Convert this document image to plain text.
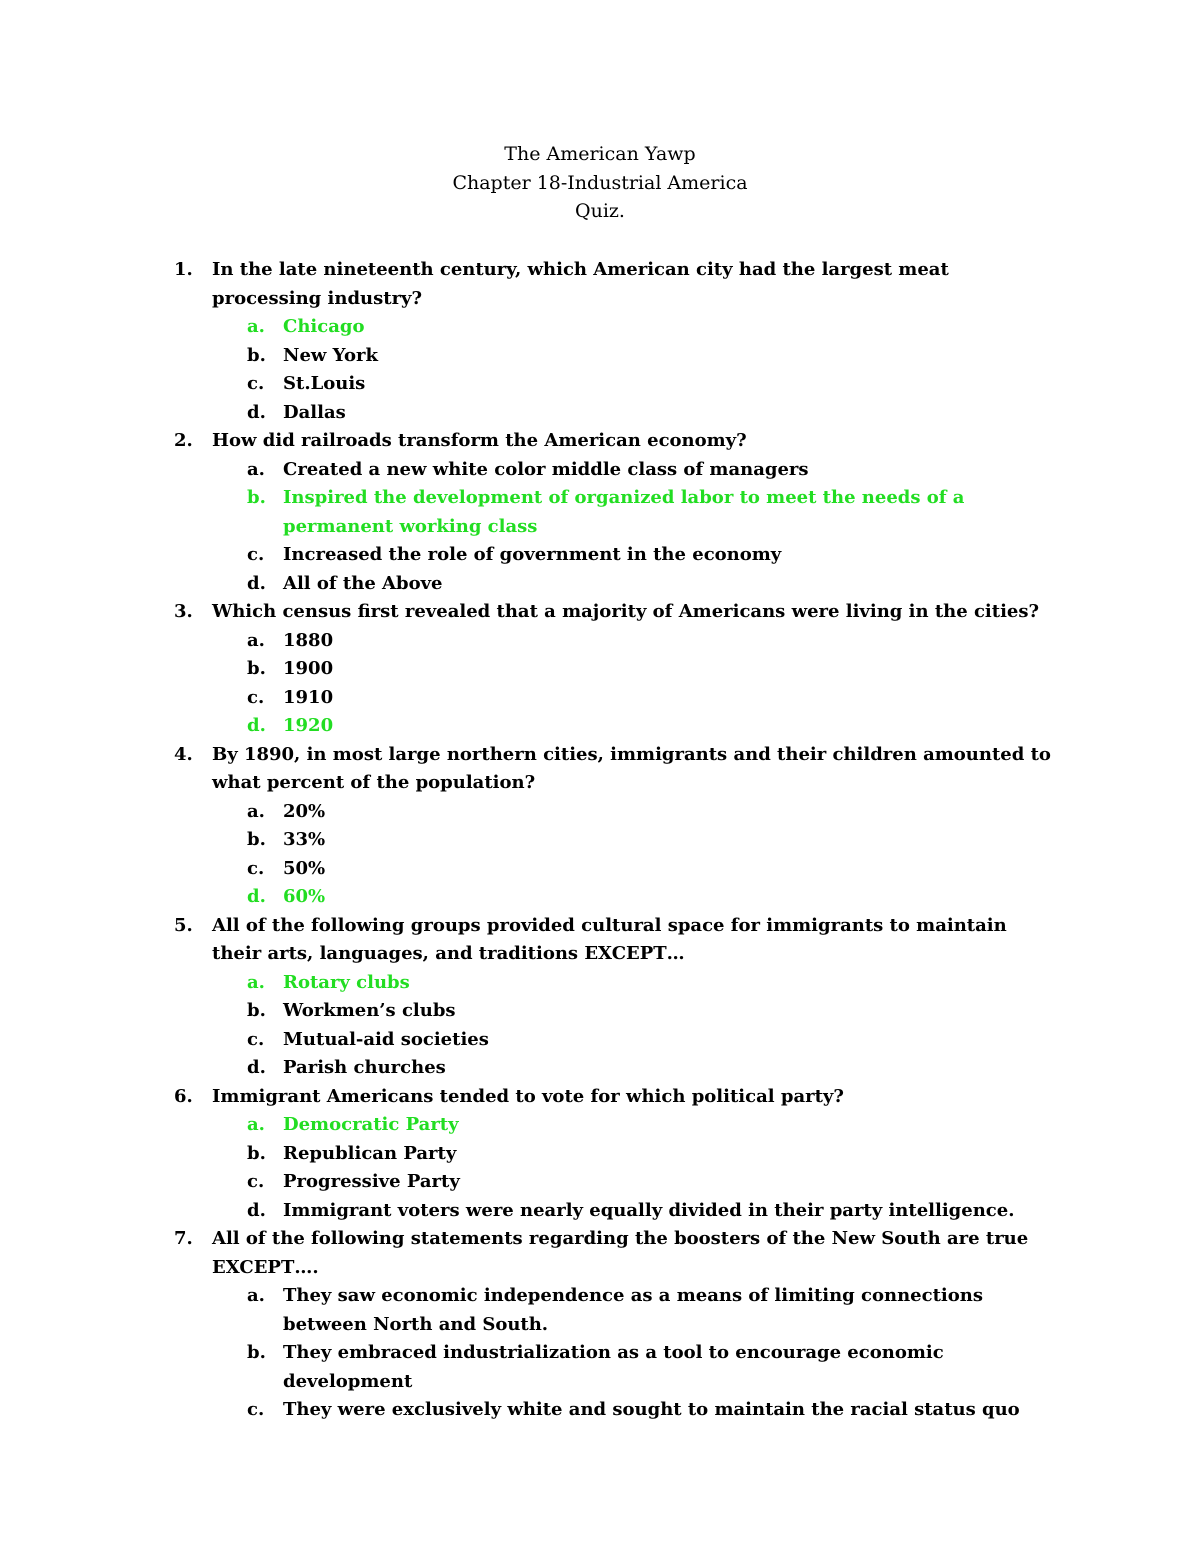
The American Yawp
Chapter 18-Industrial America
Quiz.
1. In the late nineteenth century, which American city had the largest meat processing industry?
a. Chicago
b. New York
c. St.Louis
d. Dallas
2. How did railroads transform the American economy?
a. Created a new white color middle class of managers
b. Inspired the development of organized labor to meet the needs of a permanent working class
c. Increased the role of government in the economy
d. All of the Above
3. Which census first revealed that a majority of Americans were living in the cities?
a. 1880
b. 1900
c. 1910
d. 1920
4. By 1890, in most large northern cities, immigrants and their children amounted to what percent of the population?
a. 20%
b. 33%
c. 50%
d. 60%
5. All of the following groups provided cultural space for immigrants to maintain their arts, languages, and traditions EXCEPT…
a. Rotary clubs
b. Workmen’s clubs
c. Mutual-aid societies
d. Parish churches
6. Immigrant Americans tended to vote for which political party?
a. Democratic Party
b. Republican Party
c. Progressive Party
d. Immigrant voters were nearly equally divided in their party intelligence.
7. All of the following statements regarding the boosters of the New South are true EXCEPT….
a. They saw economic independence as a means of limiting connections between North and South.
b. They embraced industrialization as a tool to encourage economic development
c. They were exclusively white and sought to maintain the racial status quo
